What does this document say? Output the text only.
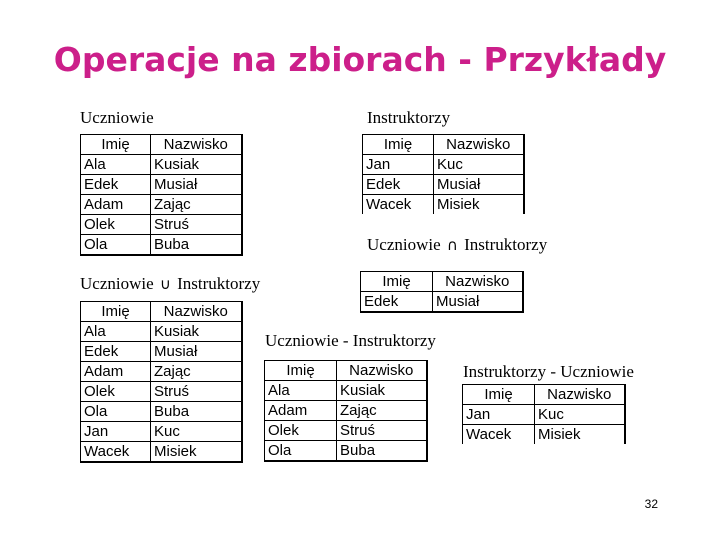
Operacje na zbiorach - Przykłady
Uczniowie
Imię	Nazwisko
Ala	Kusiak
Edek	Musiał
Adam	Zając
Olek	Struś
Ola	Buba
Instruktorzy
Imię	Nazwisko
Jan	Kuc
Edek	Musiał
Wacek	Misiek
Uczniowie ∩ Instruktorzy
Imię	Nazwisko
Edek	Musiał
Uczniowie ∪ Instruktorzy
Imię	Nazwisko
Ala	Kusiak
Edek	Musiał
Adam	Zając
Olek	Struś
Ola	Buba
Jan	Kuc
Wacek	Misiek
Uczniowie - Instruktorzy
Imię	Nazwisko
Ala	Kusiak
Adam	Zając
Olek	Struś
Ola	Buba
Instruktorzy - Uczniowie
Imię	Nazwisko
Jan	Kuc
Wacek	Misiek
32
